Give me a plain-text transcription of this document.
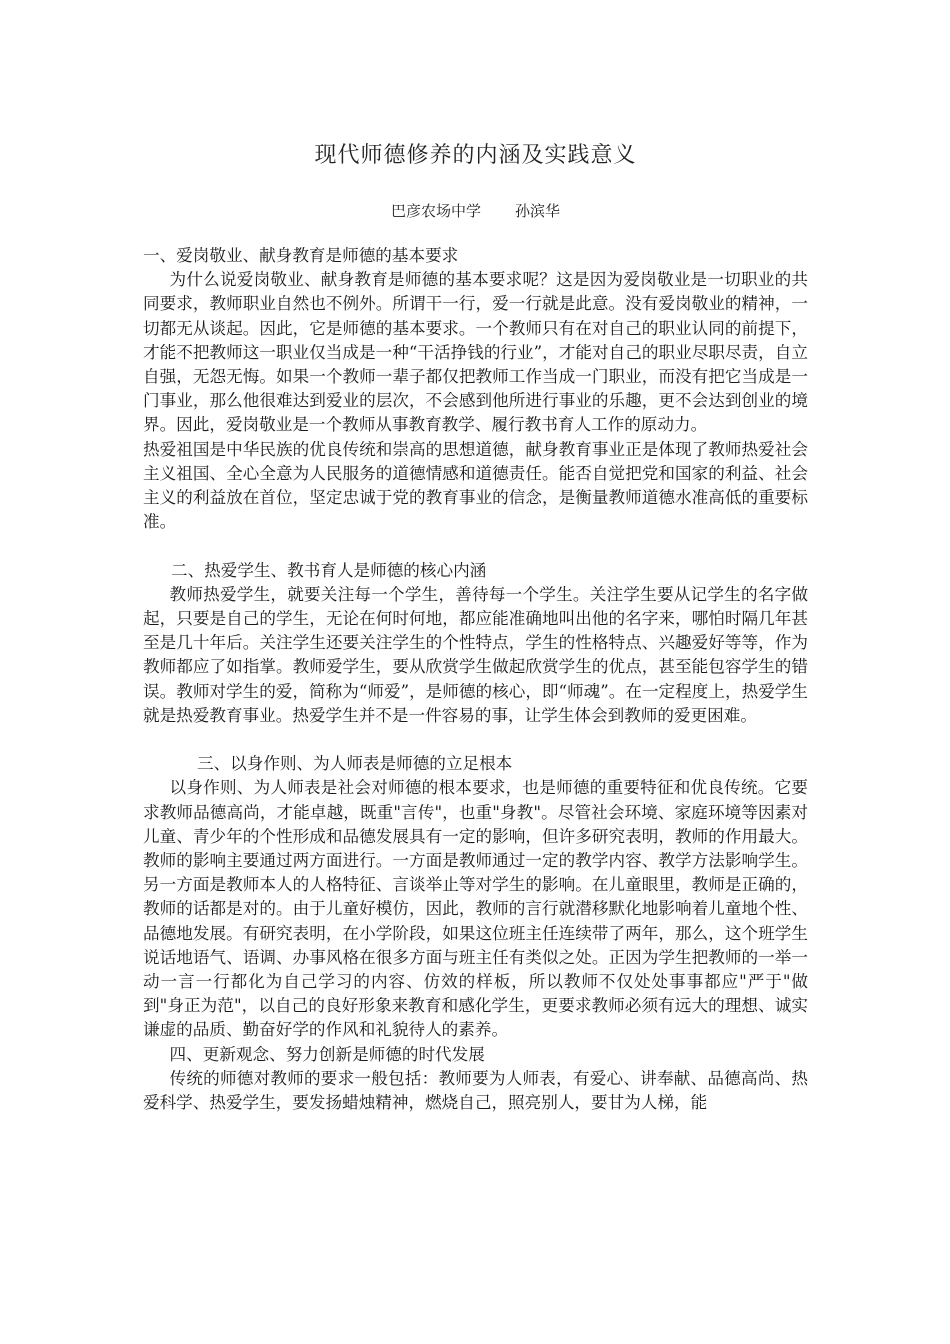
现代师德修养的内涵及实践意义
巴彦农场中学 孙滨华

一、爱岗敬业、献身教育是师德的基本要求

为什么说爱岗敬业、献身教育是师德的基本要求呢？这是因为爱岗敬业是一切职业的共同要求，教师职业自然也不例外。所谓干一行，爱一行就是此意。没有爱岗敬业的精神，一切都无从谈起。因此，它是师德的基本要求。一个教师只有在对自己的职业认同的前提下，才能不把教师这一职业仅当成是一种“干活挣钱的行业”，才能对自己的职业尽职尽责，自立自强，无怨无悔。如果一个教师一辈子都仅把教师工作当成一门职业，而没有把它当成是一门事业，那么他很难达到爱业的层次，不会感到他所进行事业的乐趣，更不会达到创业的境界。因此，爱岗敬业是一个教师从事教育教学、履行教书育人工作的原动力。

热爱祖国是中华民族的优良传统和崇高的思想道德，献身教育事业正是体现了教师热爱社会主义祖国、全心全意为人民服务的道德情感和道德责任。能否自觉把党和国家的利益、社会主义的利益放在首位，坚定忠诚于党的教育事业的信念，是衡量教师道德水准高低的重要标准。

二、热爱学生、教书育人是师德的核心内涵

教师热爱学生，就要关注每一个学生，善待每一个学生。关注学生要从记学生的名字做起，只要是自己的学生，无论在何时何地，都应能准确地叫出他的名字来，哪怕时隔几年甚至是几十年后。关注学生还要关注学生的个性特点，学生的性格特点、兴趣爱好等等，作为教师都应了如指掌。教师爱学生，要从欣赏学生做起欣赏学生的优点，甚至能包容学生的错误。教师对学生的爱，简称为“师爱”，是师德的核心，即“师魂”。在一定程度上，热爱学生就是热爱教育事业。热爱学生并不是一件容易的事，让学生体会到教师的爱更困难。

三、以身作则、为人师表是师德的立足根本

以身作则、为人师表是社会对师德的根本要求，也是师德的重要特征和优良传统。它要求教师品德高尚，才能卓越，既重"言传"，也重"身教"。尽管社会环境、家庭环境等因素对儿童、青少年的个性形成和品德发展具有一定的影响，但许多研究表明，教师的作用最大。教师的影响主要通过两方面进行。一方面是教师通过一定的教学内容、教学方法影响学生。另一方面是教师本人的人格特征、言谈举止等对学生的影响。在儿童眼里，教师是正确的，教师的话都是对的。由于儿童好模仿，因此，教师的言行就潜移默化地影响着儿童地个性、品德地发展。有研究表明，在小学阶段，如果这位班主任连续带了两年，那么，这个班学生说话地语气、语调、办事风格在很多方面与班主任有类似之处。正因为学生把教师的一举一动一言一行都化为自己学习的内容、仿效的样板，所以教师不仅处处事事都应"严于"做到"身正为范"，以自己的良好形象来教育和感化学生，更要求教师必须有远大的理想、诚实谦虚的品质、勤奋好学的作风和礼貌待人的素养。

四、更新观念、努力创新是师德的时代发展

传统的师德对教师的要求一般包括：教师要为人师表，有爱心、讲奉献、品德高尚、热爱科学、热爱学生，要发扬蜡烛精神，燃烧自己，照亮别人，要甘为人梯，能
